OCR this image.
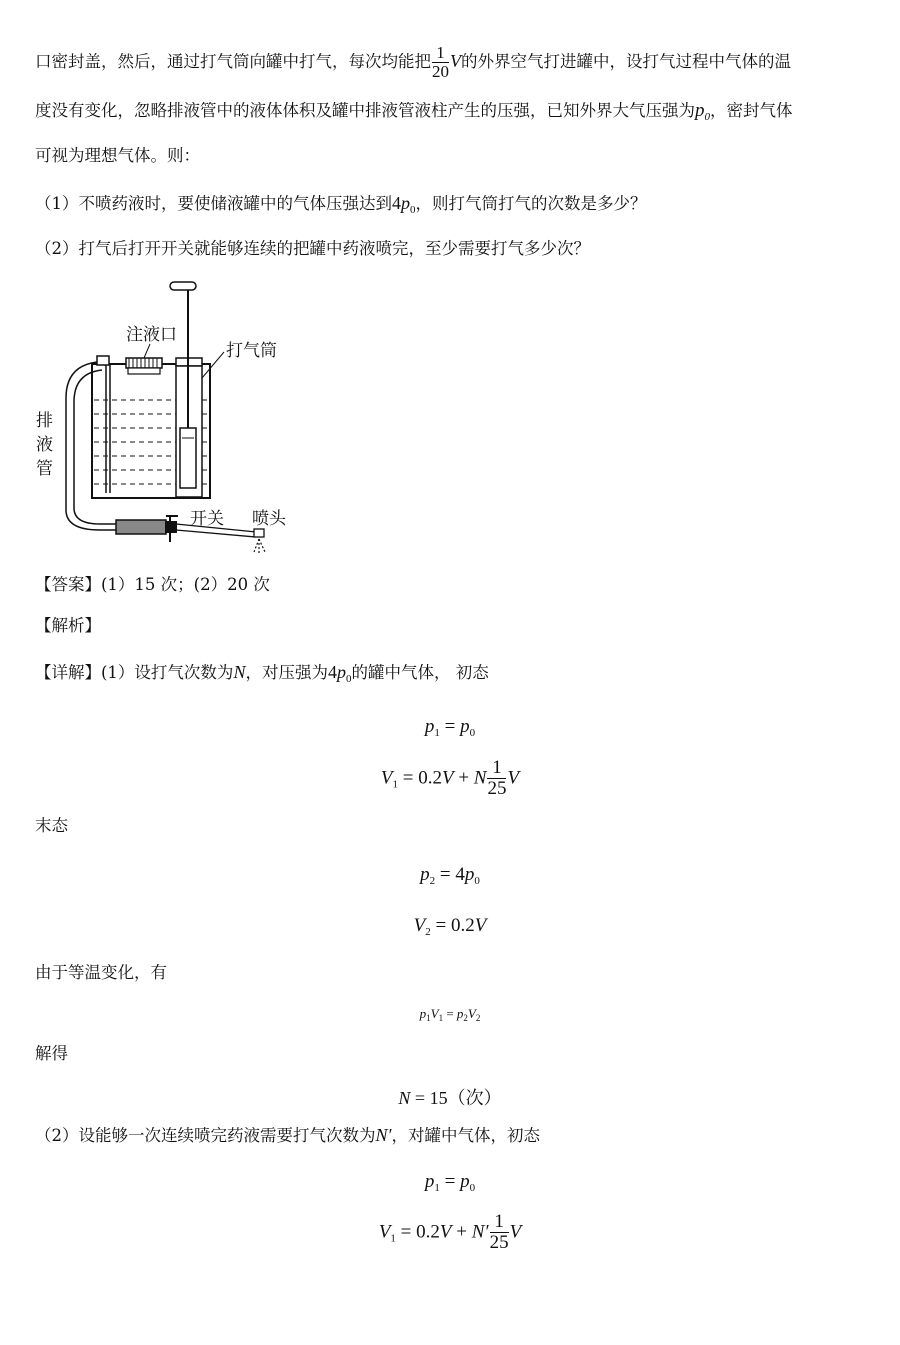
口密封盖，然后，通过打气筒向罐中打气，每次均能把 $\frac{1}{20}$ V的外界空气打进罐中，设打气过程中气体的温
度没有变化，忽略排液管中的液体体积及罐中排液管液柱产生的压强，已知外界大气压强为$p_0$，密封气体
可视为理想气体。则：
（1）不喷药液时，要使储液罐中的气体压强达到$4p_0$，则打气筒打气的次数是多少？
（2）打气后打开开关就能够连续的把罐中药液喷完，至少需要打气多少次？
注液口
打气筒
排
液
管
开关 喷头
【答案】(1）15 次；(2）20 次
【解析】
【详解】(1）设打气次数为N，对压强为$4p_0$的罐中气体， 初态
$p_1 = p_0$
$V_1 = 0.2V + N \frac{1}{25}$ V
末态
$p_2 = 4p_0$
$V_2 = 0.2V$
由于等温变化，有
$p_1V_1 = p_2V_2$
解得
N = 15（次）
（2）设能够一次连续喷完药液需要打气次数为N′，对罐中气体，初态
$p_1 = p_0$
$V_1 = 0.2V + N' \frac{1}{25}$ V
